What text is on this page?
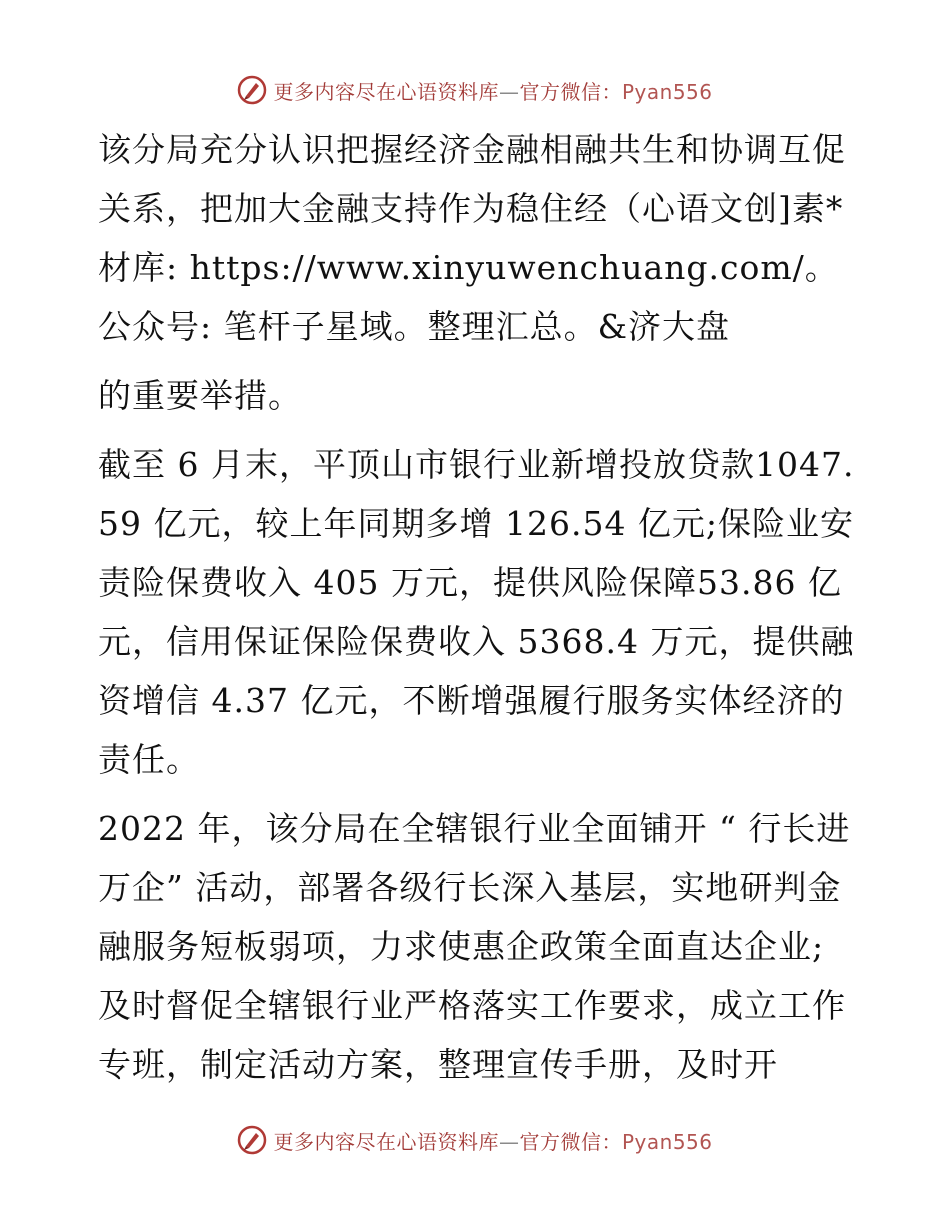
更多内容尽在心语资料库—官方微信：Pyan556

该分局充分认识把握经济金融相融共生和协调互促关系，把加大金融支持作为稳住经（心语文创]素*材库: https://www.xinyuwenchuang.com/。公众号: 笔杆子星域。整理汇总。&济大盘

的重要举措。

截至 6 月末，平顶山市银行业新增投放贷款1047.59 亿元，较上年同期多增 126.54 亿元;保险业安责险保费收入 405 万元，提供风险保障53.86 亿元，信用保证保险保费收入 5368.4 万元，提供融资增信 4.37 亿元，不断增强履行服务实体经济的责任。

2022 年，该分局在全辖银行业全面铺开 “ 行长进万企” 活动，部署各级行长深入基层，实地研判金融服务短板弱项，力求使惠企政策全面直达企业;及时督促全辖银行业严格落实工作要求，成立工作专班，制定活动方案，整理宣传手册，及时开

更多内容尽在心语资料库—官方微信：Pyan556
